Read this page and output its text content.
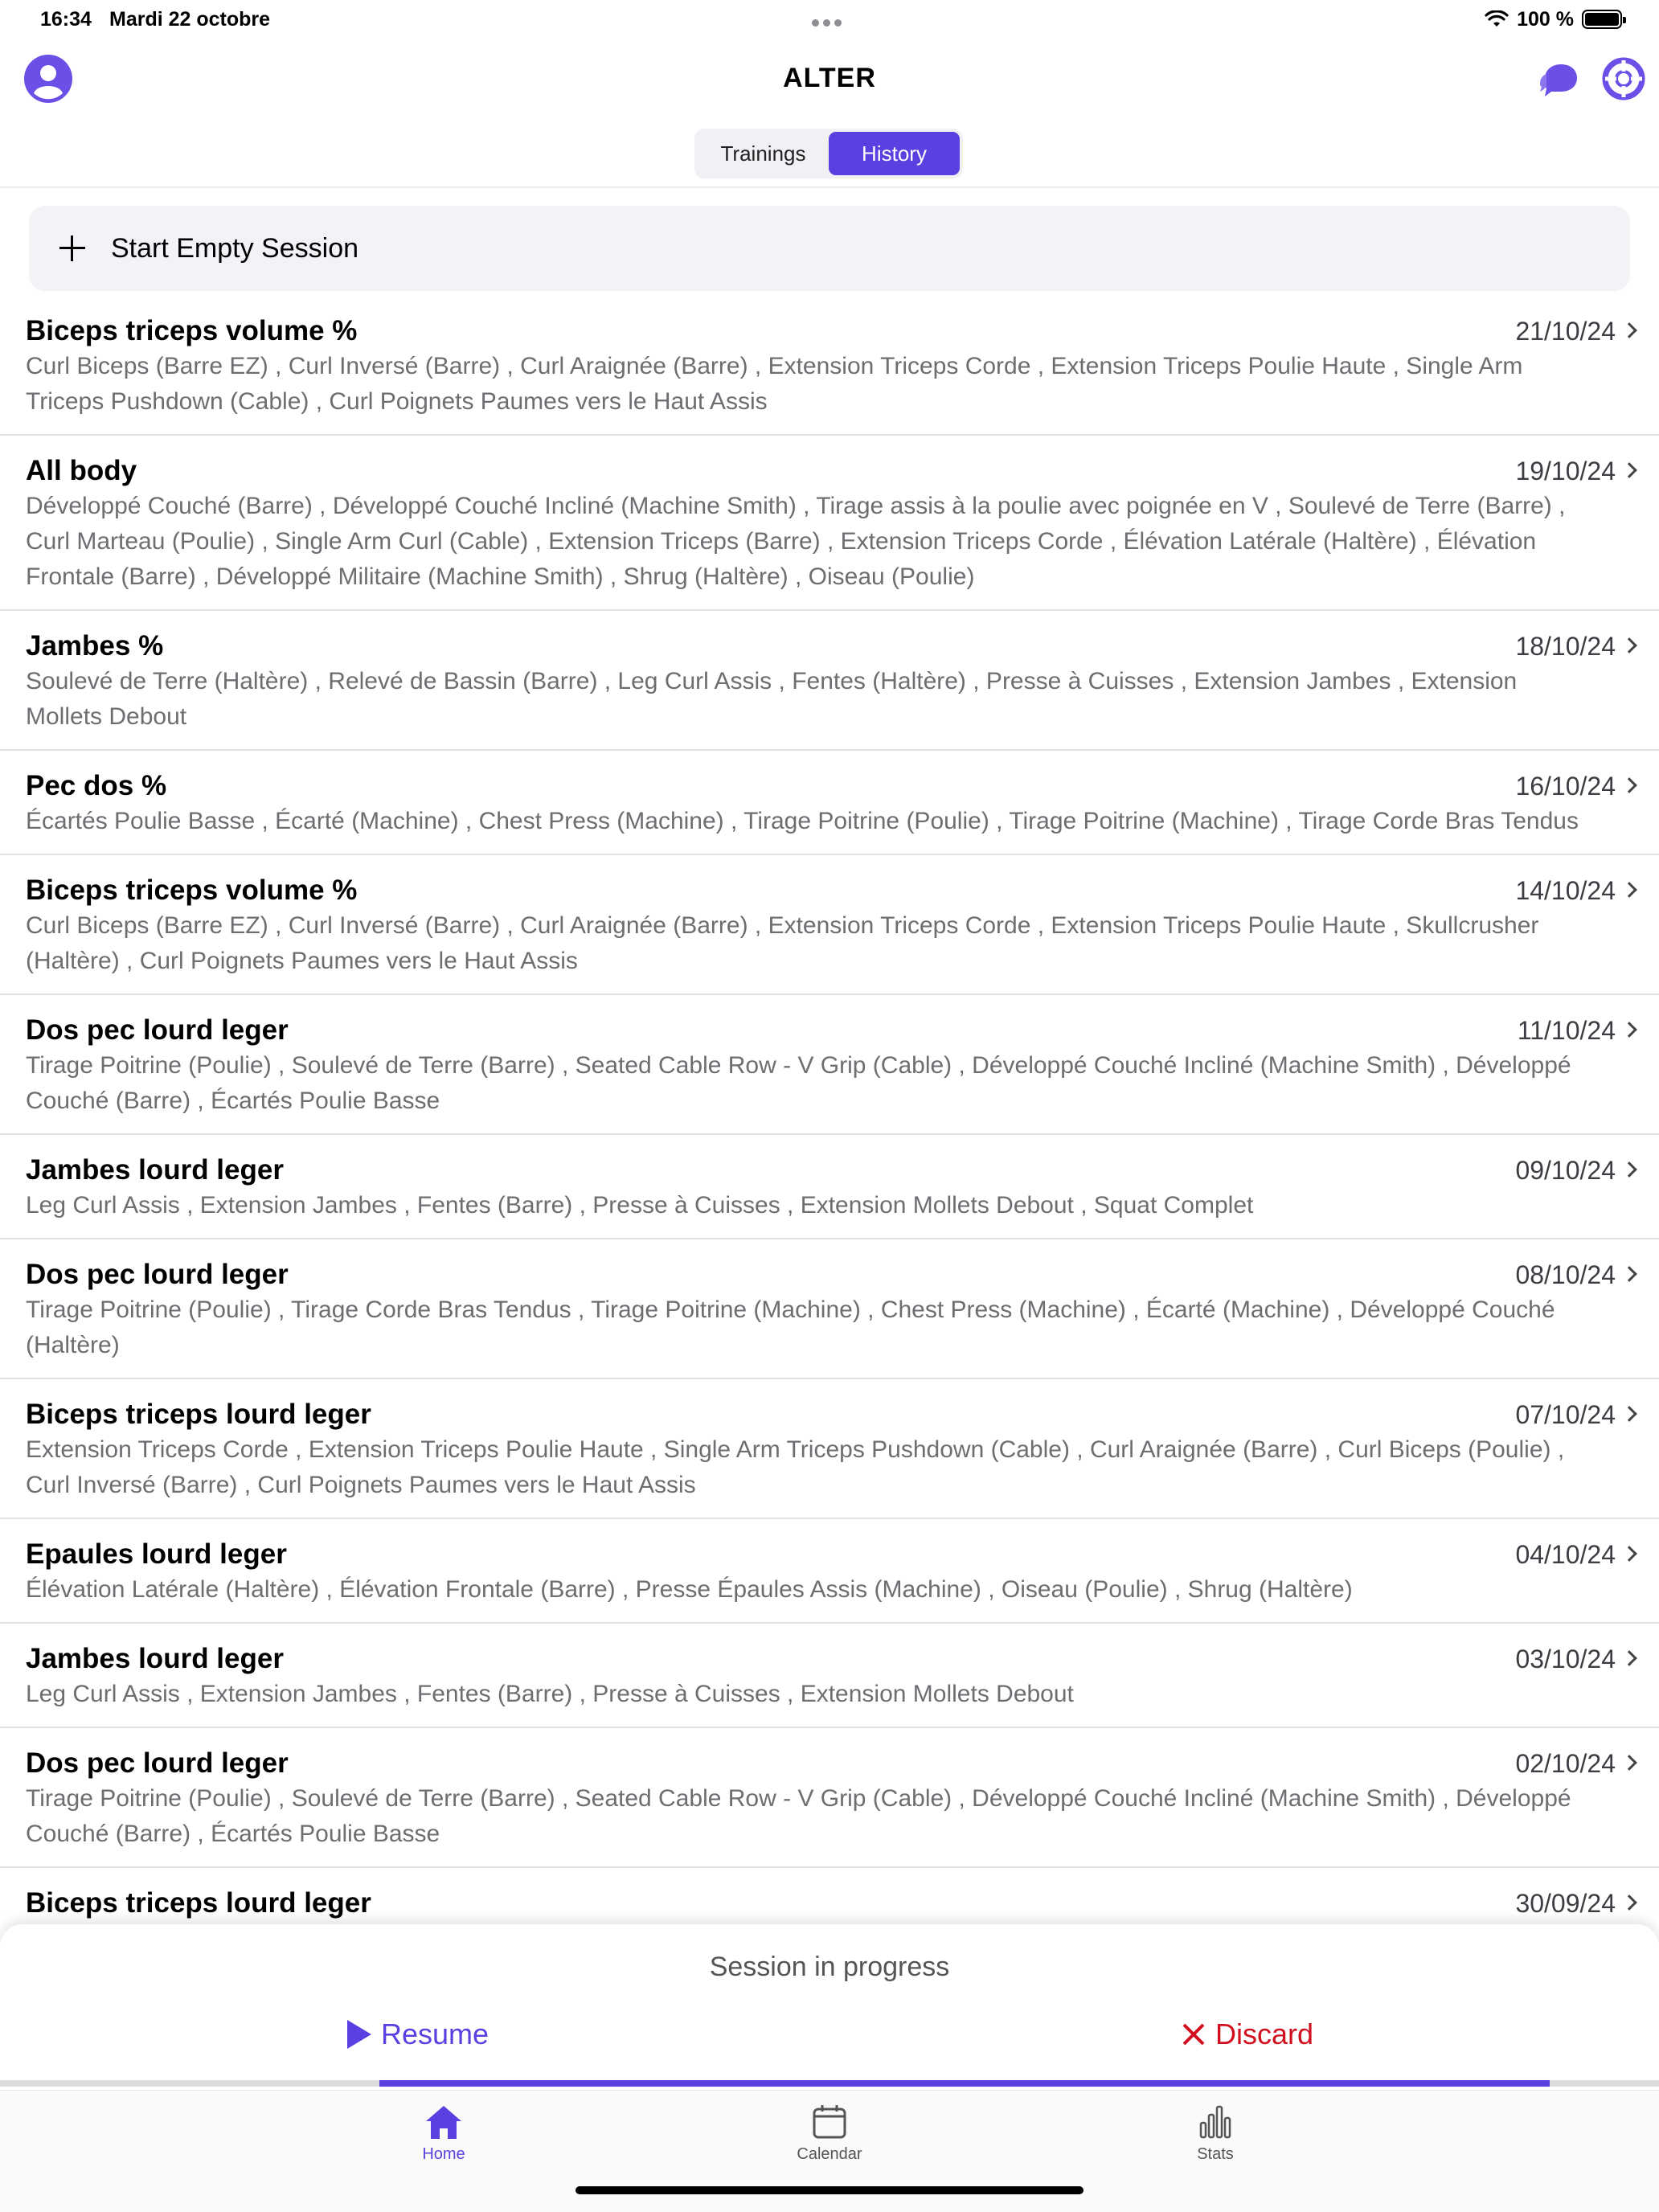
16:34 Mardi 22 octobre	100 %
ALTER
Trainings	History
Start Empty Session
Biceps triceps volume %	21/10/24
Curl Biceps (Barre EZ) , Curl Inversé (Barre) , Curl Araignée (Barre) , Extension Triceps Corde , Extension Triceps Poulie Haute , Single Arm Triceps Pushdown (Cable) , Curl Poignets Paumes vers le Haut Assis
All body	19/10/24
Développé Couché (Barre) , Développé Couché Incliné (Machine Smith) , Tirage assis à la poulie avec poignée en V , Soulevé de Terre (Barre) , Curl Marteau (Poulie) , Single Arm Curl (Cable) , Extension Triceps (Barre) , Extension Triceps Corde , Élévation Latérale (Haltère) , Élévation Frontale (Barre) , Développé Militaire (Machine Smith) , Shrug (Haltère) , Oiseau (Poulie)
Jambes %	18/10/24
Soulevé de Terre (Haltère) , Relevé de Bassin (Barre) , Leg Curl Assis , Fentes (Haltère) , Presse à Cuisses , Extension Jambes , Extension Mollets Debout
Pec dos %	16/10/24
Écartés Poulie Basse , Écarté (Machine) , Chest Press (Machine) , Tirage Poitrine (Poulie) , Tirage Poitrine (Machine) , Tirage Corde Bras Tendus
Biceps triceps volume %	14/10/24
Curl Biceps (Barre EZ) , Curl Inversé (Barre) , Curl Araignée (Barre) , Extension Triceps Corde , Extension Triceps Poulie Haute , Skullcrusher (Haltère) , Curl Poignets Paumes vers le Haut Assis
Dos pec lourd leger	11/10/24
Tirage Poitrine (Poulie) , Soulevé de Terre (Barre) , Seated Cable Row - V Grip (Cable) , Développé Couché Incliné (Machine Smith) , Développé Couché (Barre) , Écartés Poulie Basse
Jambes lourd leger	09/10/24
Leg Curl Assis , Extension Jambes , Fentes (Barre) , Presse à Cuisses , Extension Mollets Debout , Squat Complet
Dos pec lourd leger	08/10/24
Tirage Poitrine (Poulie) , Tirage Corde Bras Tendus , Tirage Poitrine (Machine) , Chest Press (Machine) , Écarté (Machine) , Développé Couché (Haltère)
Biceps triceps lourd leger	07/10/24
Extension Triceps Corde , Extension Triceps Poulie Haute , Single Arm Triceps Pushdown (Cable) , Curl Araignée (Barre) , Curl Biceps (Poulie) , Curl Inversé (Barre) , Curl Poignets Paumes vers le Haut Assis
Epaules lourd leger	04/10/24
Élévation Latérale (Haltère) , Élévation Frontale (Barre) , Presse Épaules Assis (Machine) , Oiseau (Poulie) , Shrug (Haltère)
Jambes lourd leger	03/10/24
Leg Curl Assis , Extension Jambes , Fentes (Barre) , Presse à Cuisses , Extension Mollets Debout
Dos pec lourd leger	02/10/24
Tirage Poitrine (Poulie) , Soulevé de Terre (Barre) , Seated Cable Row - V Grip (Cable) , Développé Couché Incliné (Machine Smith) , Développé Couché (Barre) , Écartés Poulie Basse
Biceps triceps lourd leger	30/09/24
Session in progress
Resume	Discard
Home	Calendar	Stats
